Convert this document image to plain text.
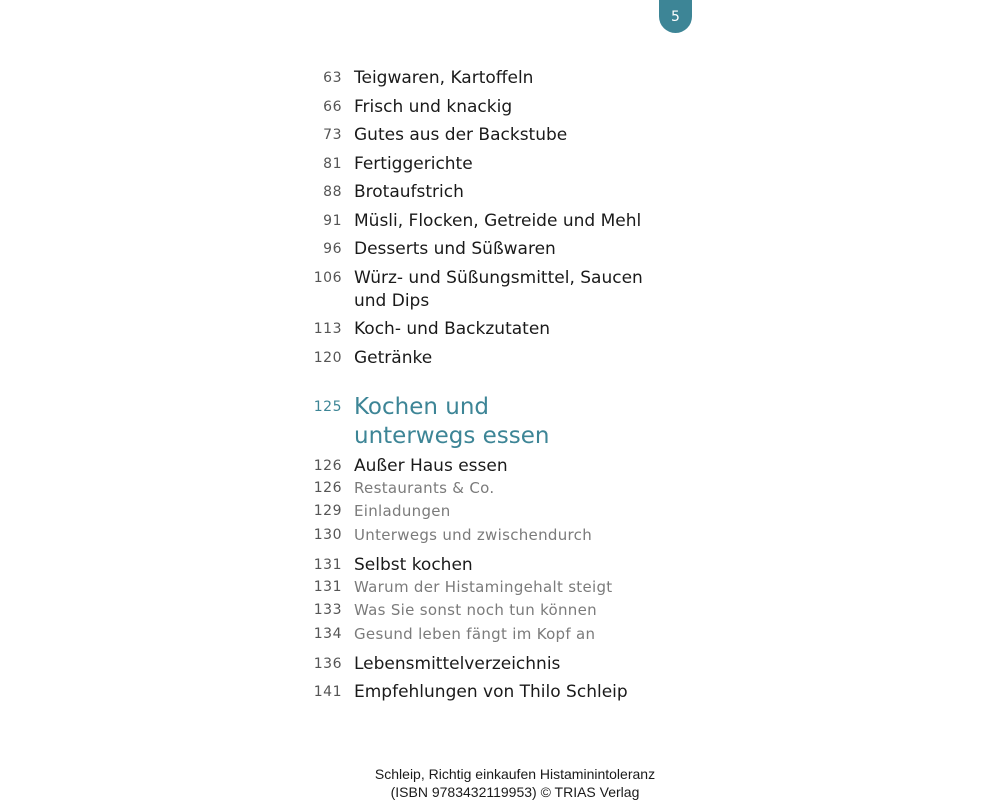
5
63 Teigwaren, Kartoffeln
66 Frisch und knackig
73 Gutes aus der Backstube
81 Fertiggerichte
88 Brotaufstrich
91 Müsli, Flocken, Getreide und Mehl
96 Desserts und Süßwaren
106 Würz- und Süßungsmittel, Saucen und Dips
113 Koch- und Backzutaten
120 Getränke
125 Kochen und unterwegs essen
126 Außer Haus essen
126 Restaurants & Co.
129 Einladungen
130 Unterwegs und zwischendurch
131 Selbst kochen
131 Warum der Histamingehalt steigt
133 Was Sie sonst noch tun können
134 Gesund leben fängt im Kopf an
136 Lebensmittelverzeichnis
141 Empfehlungen von Thilo Schleip
Schleip, Richtig einkaufen Histaminintoleranz
(ISBN 9783432119953) © TRIAS Verlag
